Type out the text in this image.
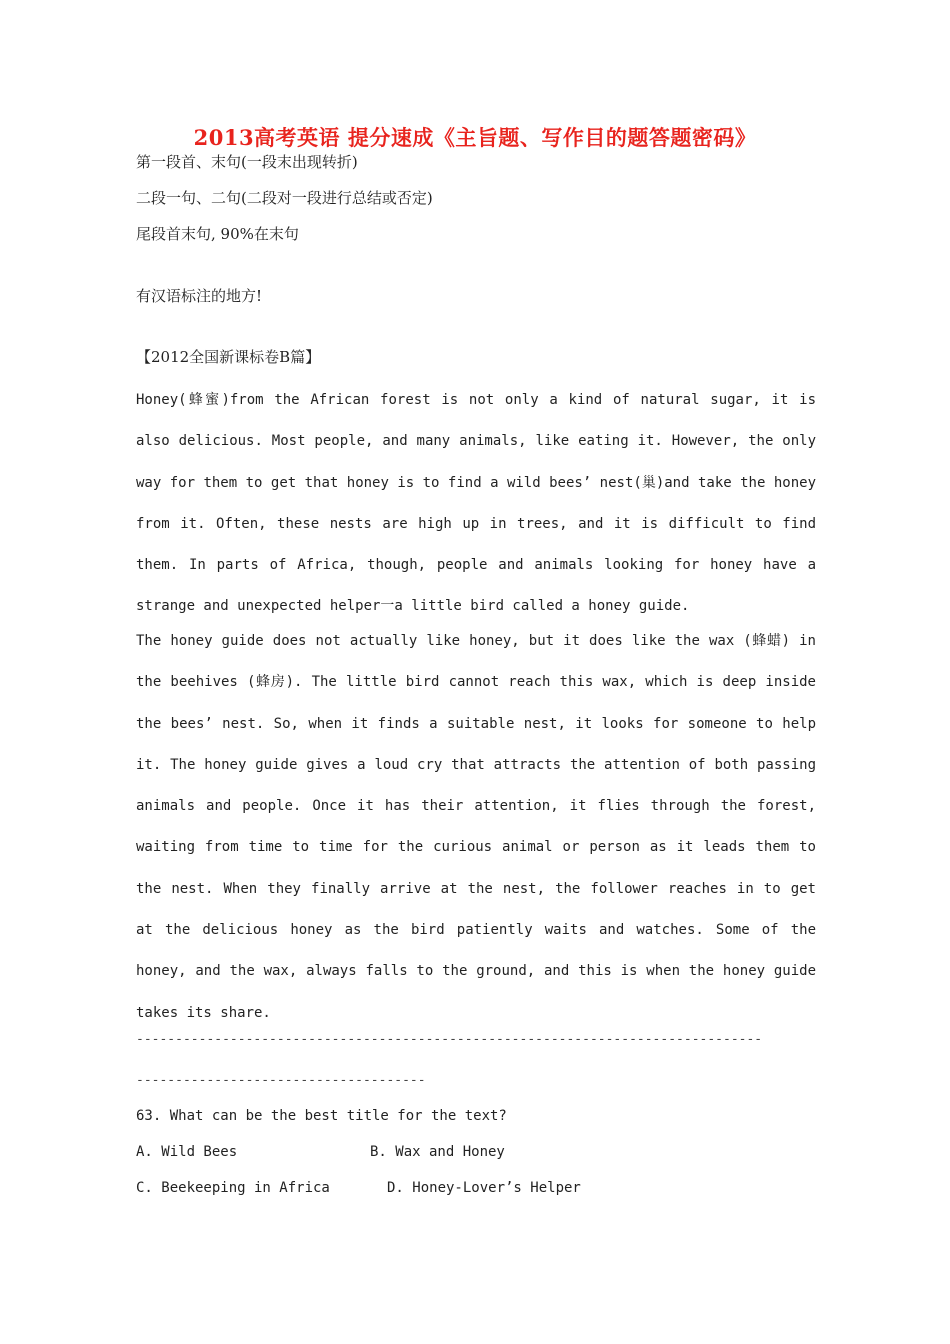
2013高考英语 提分速成《主旨题、写作目的题答题密码》
第一段首、末句(一段末出现转折)
二段一句、二句(二段对一段进行总结或否定)
尾段首末句, 90%在末句
有汉语标注的地方!
【2012全国新课标卷B篇】

Honey(蜂蜜)from the African forest is not only a kind of natural sugar, it is also delicious. Most people, and many animals, like eating it. However, the only way for them to get that honey is to find a wild bees’ nest(巢)and take the honey from it. Often, these nests are high up in trees, and it is difficult to find them. In parts of Africa, though, people and animals looking for honey have a strange and unexpected helper一a little bird called a honey guide.

The honey guide does not actually like honey, but it does like the wax (蜂蜡) in the beehives (蜂房). The little bird cannot reach this wax, which is deep inside the bees’ nest. So, when it finds a suitable nest, it looks for someone to help it. The honey guide gives a loud cry that attracts the attention of both passing animals and people. Once it has their attention, it flies through the forest, waiting from time to time for the curious animal or person as it leads them to the nest. When they finally arrive at the nest, the follower reaches in to get at the delicious honey as the bird patiently waits and watches. Some of the honey, and the wax, always falls to the ground, and this is when the honey guide takes its share.

--------------------------------------------------------------------------------
-------------------------------------
63. What can be the best title for the text?
A. Wild Bees	B. Wax and Honey
C. Beekeeping in Africa	D. Honey-Lover’s Helper
